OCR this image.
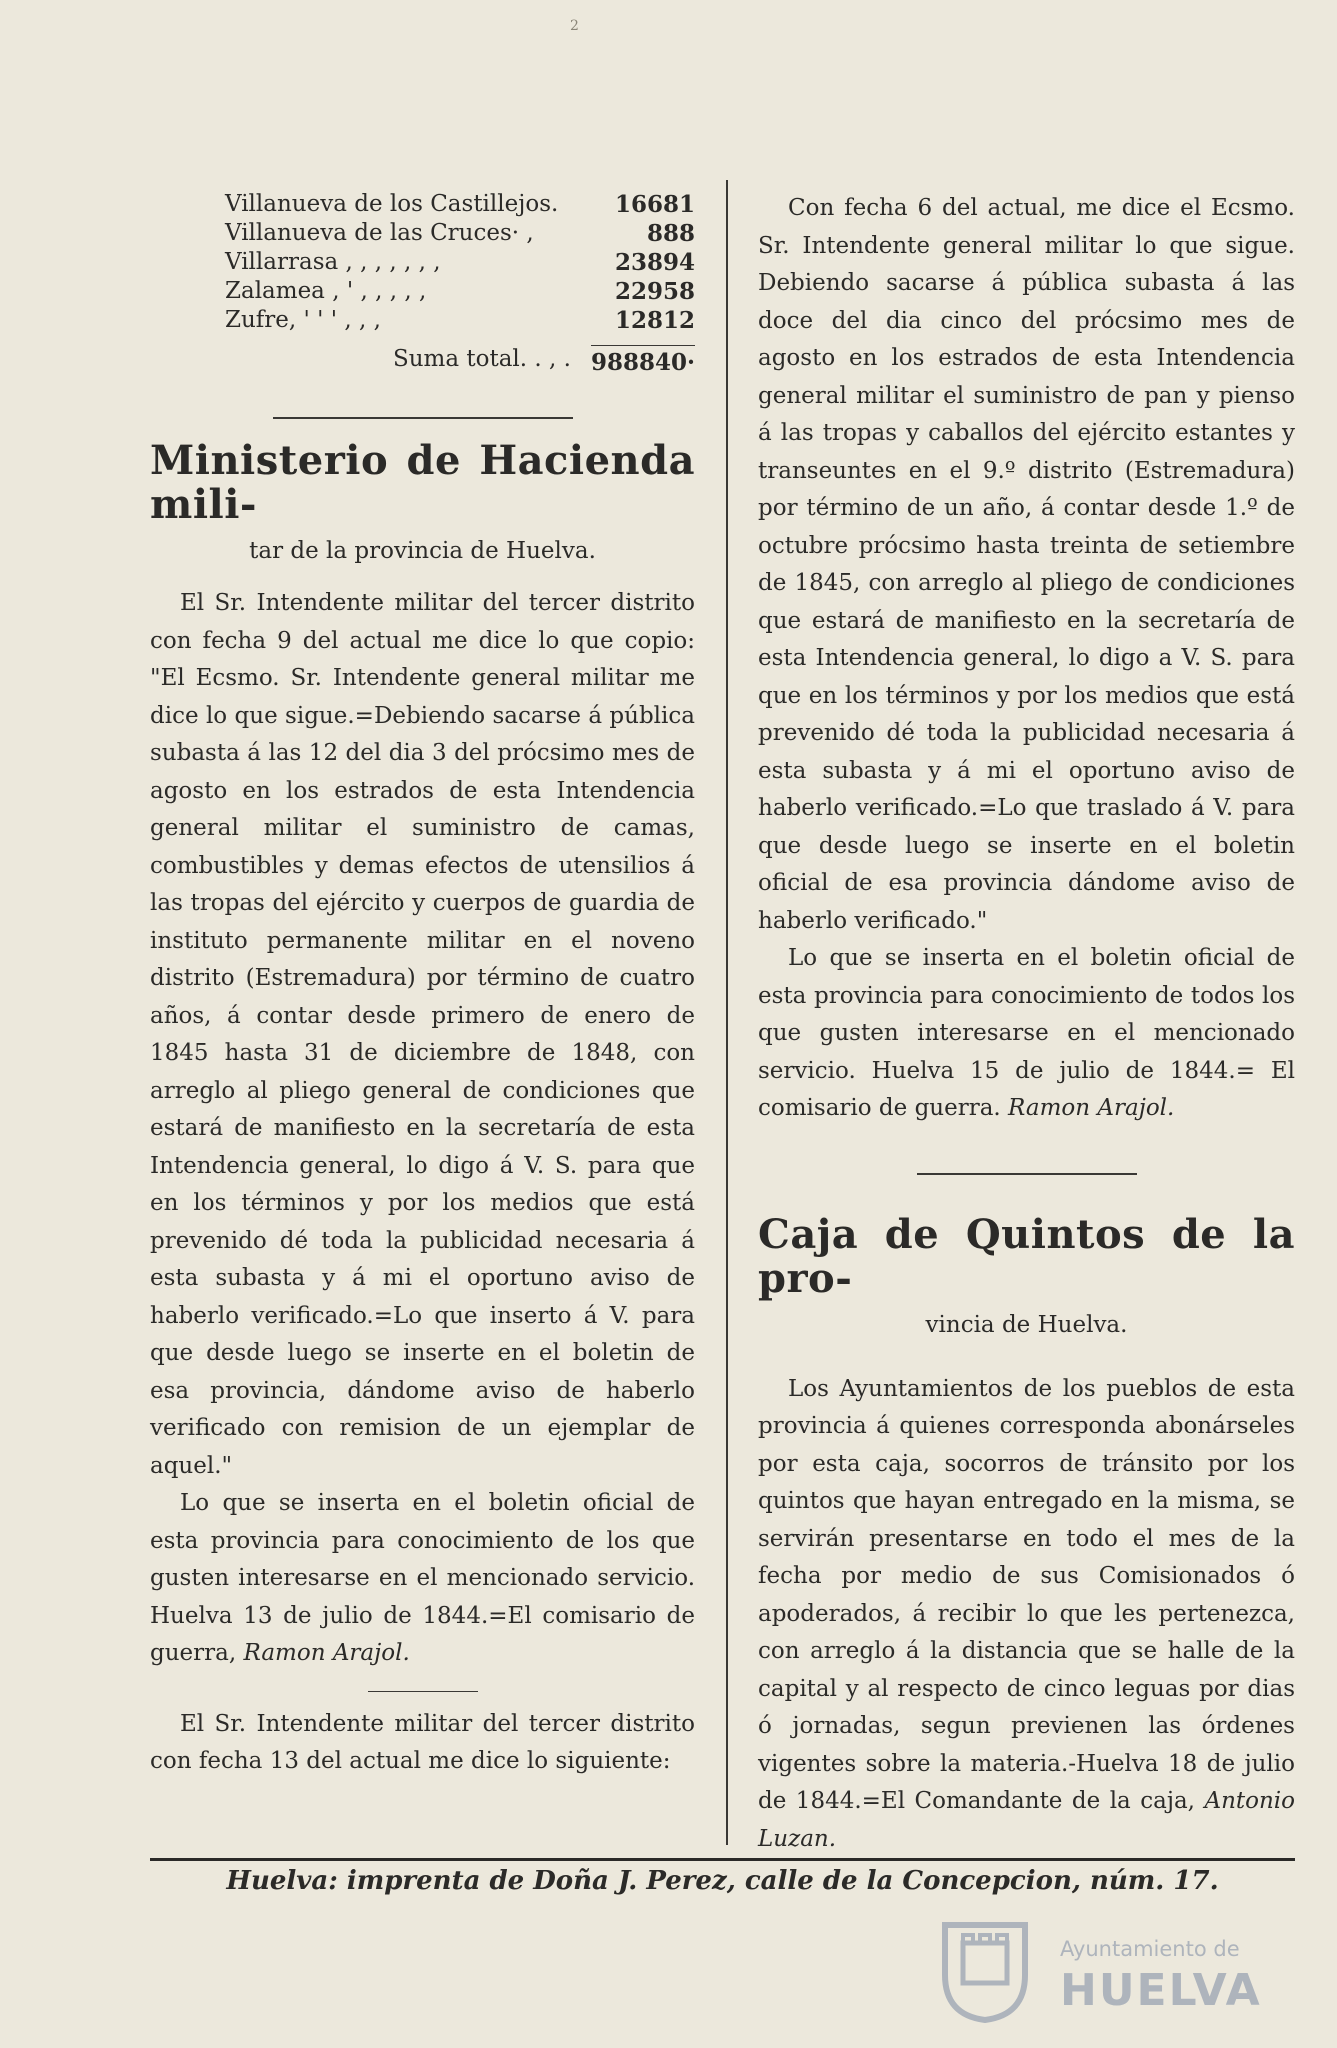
2
Villanueva de los Castillejos.	16681
Villanueva de las Cruces· ,	888
Villarrasa , , , , , , ,	23894
Zalamea , ' , , , , ,	22958
Zufre, ' ' ' , , ,	12812
Suma total. . , . 988840·
Ministerio de Hacienda mili-
tar de la provincia de Huelva.

El Sr. Intendente militar del tercer distrito con fecha 9 del actual me dice lo que copio: "El Ecsmo. Sr. Intendente general militar me dice lo que sigue.=Debiendo sacarse á pública subasta á las 12 del dia 3 del prócsimo mes de agosto en los estrados de esta Intendencia general militar el suministro de camas, combustibles y demas efectos de utensilios á las tropas del ejército y cuerpos de guardia de instituto permanente militar en el noveno distrito (Estremadura) por término de cuatro años, á contar desde primero de enero de 1845 hasta 31 de diciembre de 1848, con arreglo al pliego general de condiciones que estará de manifiesto en la secretaría de esta Intendencia general, lo digo á V. S. para que en los términos y por los medios que está prevenido dé toda la publicidad necesaria á esta subasta y á mi el oportuno aviso de haberlo verificado.=Lo que inserto á V. para que desde luego se inserte en el boletin de esa provincia, dándome aviso de haberlo verificado con remision de un ejemplar de aquel."

Lo que se inserta en el boletin oficial de esta provincia para conocimiento de los que gusten interesarse en el mencionado servicio. Huelva 13 de julio de 1844.=El comisario de guerra, Ramon Arajol.

El Sr. Intendente militar del tercer distrito con fecha 13 del actual me dice lo siguiente:

Con fecha 6 del actual, me dice el Ecsmo. Sr. Intendente general militar lo que sigue. Debiendo sacarse á pública subasta á las doce del dia cinco del prócsimo mes de agosto en los estrados de esta Intendencia general militar el suministro de pan y pienso á las tropas y caballos del ejército estantes y transeuntes en el 9.º distrito (Estremadura) por término de un año, á contar desde 1.º de octubre prócsimo hasta treinta de setiembre de 1845, con arreglo al pliego de condiciones que estará de manifiesto en la secretaría de esta Intendencia general, lo digo a V. S. para que en los términos y por los medios que está prevenido dé toda la publicidad necesaria á esta subasta y á mi el oportuno aviso de haberlo verificado.=Lo que traslado á V. para que desde luego se inserte en el boletin oficial de esa provincia dándome aviso de haberlo verificado."

Lo que se inserta en el boletin oficial de esta provincia para conocimiento de todos los que gusten interesarse en el mencionado servicio. Huelva 15 de julio de 1844.= El comisario de guerra. Ramon Arajol.

Caja de Quintos de la pro-
vincia de Huelva.

Los Ayuntamientos de los pueblos de esta provincia á quienes corresponda abonárseles por esta caja, socorros de tránsito por los quintos que hayan entregado en la misma, se servirán presentarse en todo el mes de la fecha por medio de sus Comisionados ó apoderados, á recibir lo que les pertenezca, con arreglo á la distancia que se halle de la capital y al respecto de cinco leguas por dias ó jornadas, segun previenen las órdenes vigentes sobre la materia.-Huelva 18 de julio de 1844.=El Comandante de la caja, Antonio Luzan.

Huelva: imprenta de Doña J. Perez, calle de la Concepcion, núm. 17.
Ayuntamiento de
HUELVA
